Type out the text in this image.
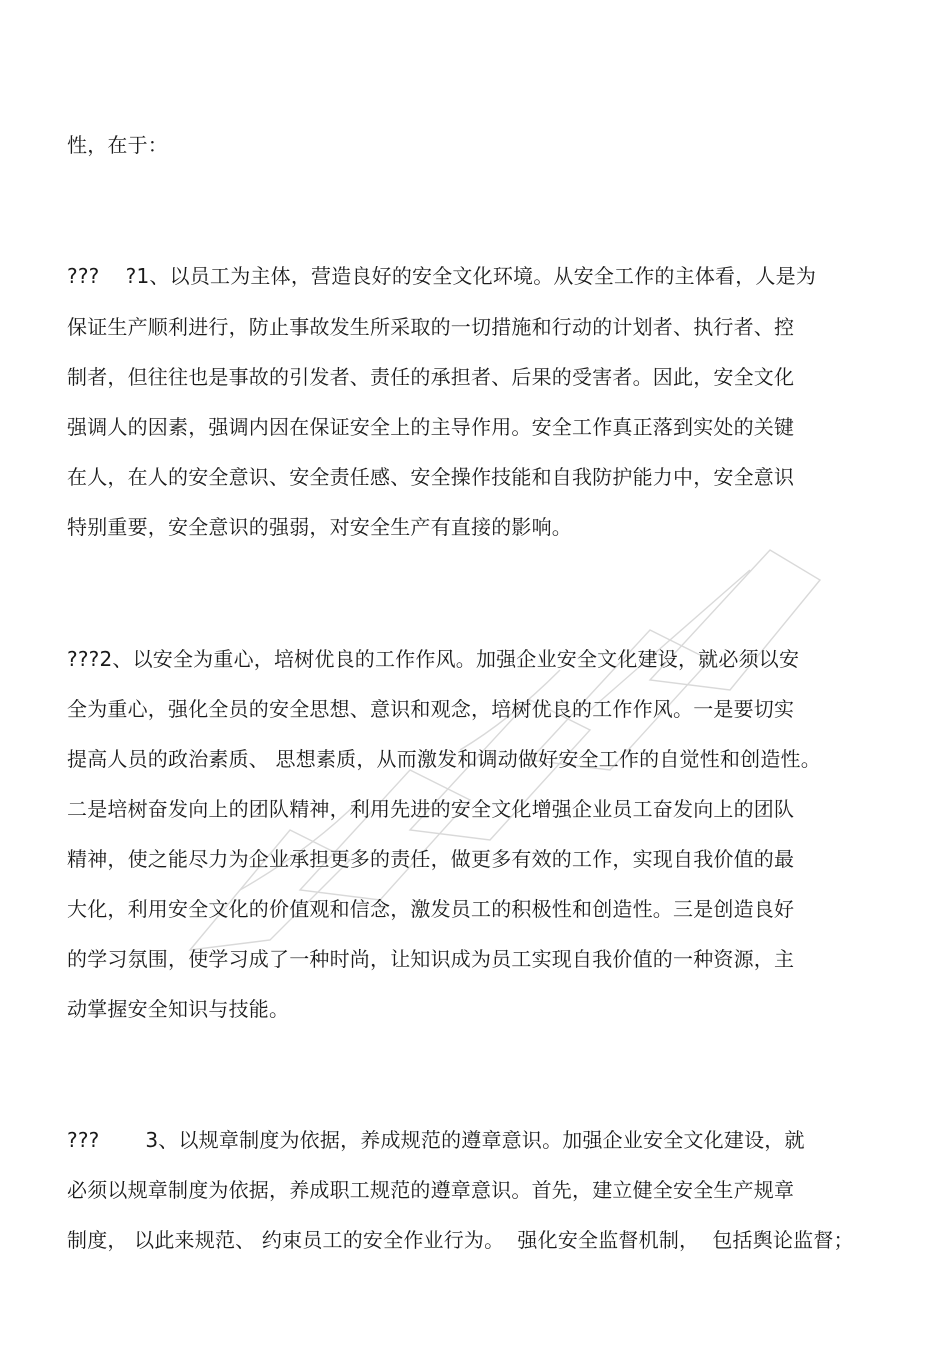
性，在于：
???    ?1、以员工为主体，营造良好的安全文化环境。从安全工作的主体看，人是为
保证生产顺利进行，防止事故发生所采取的一切措施和行动的计划者、执行者、控
制者，但往往也是事故的引发者、责任的承担者、后果的受害者。因此，安全文化
强调人的因素，强调内因在保证安全上的主导作用。安全工作真正落到实处的关键
在人，在人的安全意识、安全责任感、安全操作技能和自我防护能力中，安全意识
特别重要，安全意识的强弱，对安全生产有直接的影响。
???2、以安全为重心，培树优良的工作作风。加强企业安全文化建设，就必须以安
全为重心，强化全员的安全思想、意识和观念，培树优良的工作作风。一是要切实
提高人员的政治素质、 思想素质，从而激发和调动做好安全工作的自觉性和创造性。
二是培树奋发向上的团队精神，利用先进的安全文化增强企业员工奋发向上的团队
精神，使之能尽力为企业承担更多的责任，做更多有效的工作，实现自我价值的最
大化，利用安全文化的价值观和信念，激发员工的积极性和创造性。三是创造良好
的学习氛围，使学习成了一种时尚，让知识成为员工实现自我价值的一种资源，主
动掌握安全知识与技能。
???       3、以规章制度为依据，养成规范的遵章意识。加强企业安全文化建设，就
必须以规章制度为依据，养成职工规范的遵章意识。首先，建立健全安全生产规章
制度， 以此来规范、 约束员工的安全作业行为。  强化安全监督机制，  包括舆论监督；
